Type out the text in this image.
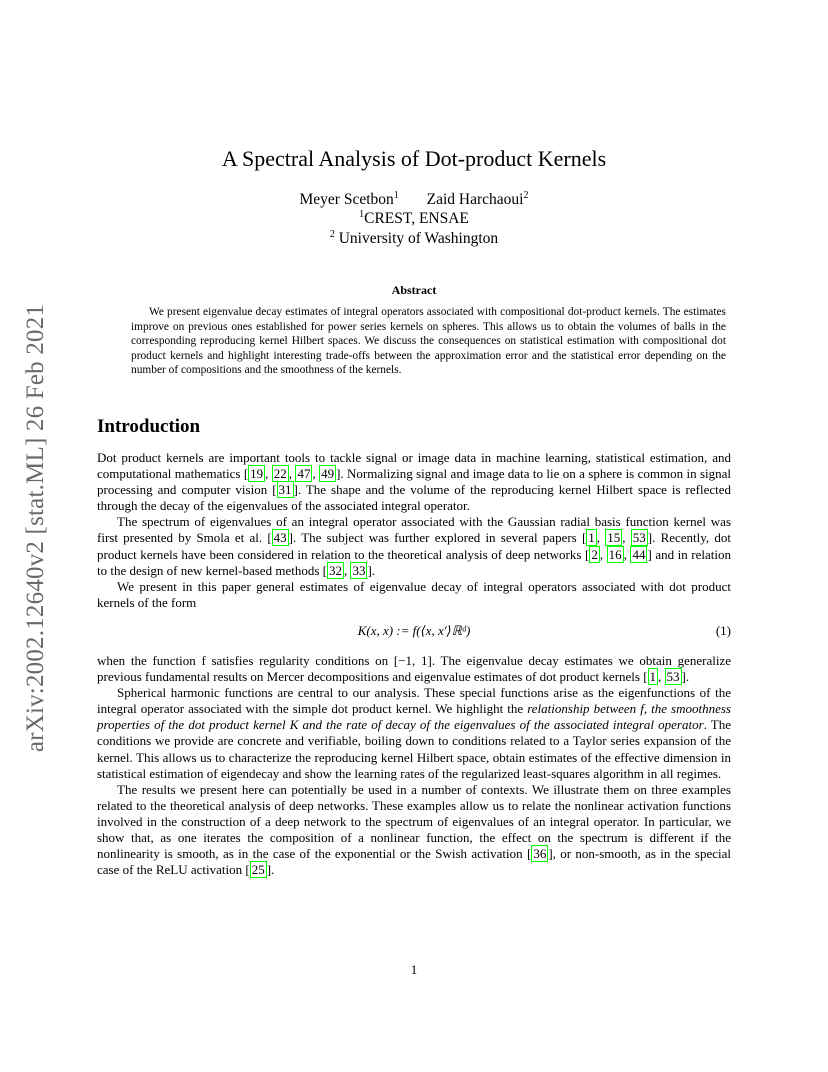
arXiv:2002.12640v2 [stat.ML] 26 Feb 2021
A Spectral Analysis of Dot-product Kernels
Meyer Scetbon$^1$ Zaid Harchaoui$^2$
$^1$CREST, ENSAE
$^2$ University of Washington
Abstract

We present eigenvalue decay estimates of integral operators associated with compositional dot-product kernels. The estimates improve on previous ones established for power series kernels on spheres. This allows us to obtain the volumes of balls in the corresponding reproducing kernel Hilbert spaces. We discuss the consequences on statistical estimation with compositional dot product kernels and highlight interesting trade-offs between the approximation error and the statistical error depending on the number of compositions and the smoothness of the kernels.

Introduction

Dot product kernels are important tools to tackle signal or image data in machine learning, statistical estimation, and computational mathematics [ 19 , 22 , 47 , 49 ]. Normalizing signal and image data to lie on a sphere is common in signal processing and computer vision [ 31 ]. The shape and the volume of the reproducing kernel Hilbert space is reflected through the decay of the eigenvalues of the associated integral operator.

The spectrum of eigenvalues of an integral operator associated with the Gaussian radial basis function kernel was first presented by Smola et al. [ 43 ]. The subject was further explored in several papers [ 1 , 15 , 53 ]. Recently, dot product kernels have been considered in relation to the theoretical analysis of deep networks [ 2 , 16 , 44 ] and in relation to the design of new kernel-based methods [ 32 , 33 ].

We present in this paper general estimates of eigenvalue decay of integral operators associated with dot product kernels of the form

K(x, x) := f(⟨x, x′⟩ℝᵈ)	(1)

when the function f satisfies regularity conditions on [−1, 1]. The eigenvalue decay estimates we obtain generalize previous fundamental results on Mercer decompositions and eigenvalue estimates of dot product kernels [ 1 , 53 ].

Spherical harmonic functions are central to our analysis. These special functions arise as the eigenfunctions of the integral operator associated with the simple dot product kernel. We highlight the relationship between f, the smoothness properties of the dot product kernel K and the rate of decay of the eigenvalues of the associated integral operator. The conditions we provide are concrete and verifiable, boiling down to conditions related to a Taylor series expansion of the kernel. This allows us to characterize the reproducing kernel Hilbert space, obtain estimates of the effective dimension in statistical estimation of eigendecay and show the learning rates of the regularized least-squares algorithm in all regimes.

The results we present here can potentially be used in a number of contexts. We illustrate them on three examples related to the theoretical analysis of deep networks. These examples allow us to relate the nonlinear activation functions involved in the construction of a deep network to the spectrum of eigenvalues of an integral operator. In particular, we show that, as one iterates the composition of a nonlinear function, the effect on the spectrum is different if the nonlinearity is smooth, as in the case of the exponential or the Swish activation [ 36 ], or non-smooth, as in the special case of the ReLU activation [ 25 ].

1
